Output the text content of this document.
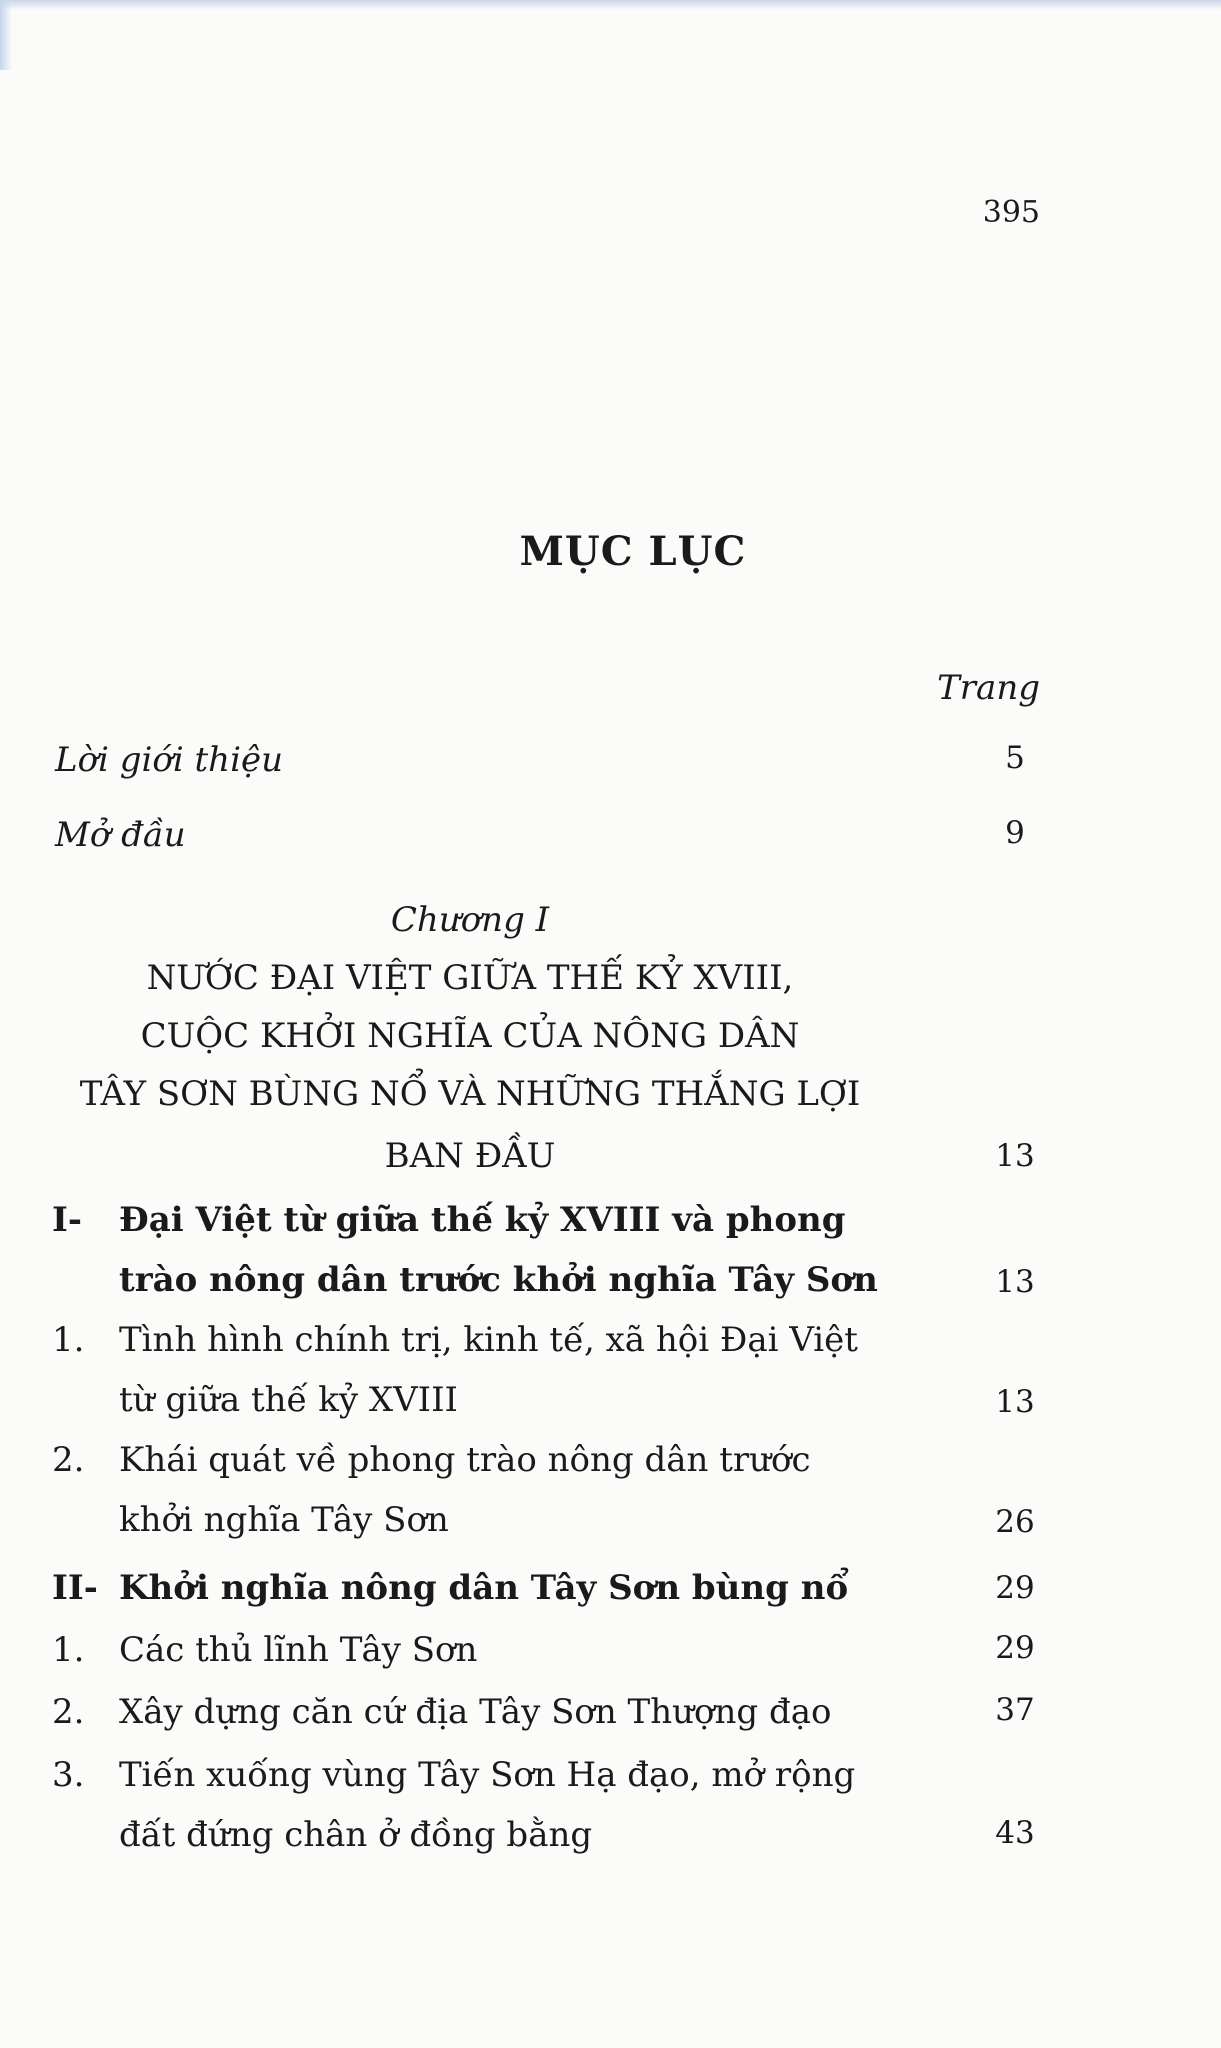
395
MỤC LỤC
Trang
Lời giới thiệu	5
Mở đầu	9
Chương I
NƯỚC ĐẠI VIỆT GIỮA THẾ KỶ XVIII,
CUỘC KHỞI NGHĨA CỦA NÔNG DÂN
TÂY SƠN BÙNG NỔ VÀ NHỮNG THẮNG LỢI
BAN ĐẦU	13
I-	Đại Việt từ giữa thế kỷ XVIII và phong
trào nông dân trước khởi nghĩa Tây Sơn	13
1.	Tình hình chính trị, kinh tế, xã hội Đại Việt
từ giữa thế kỷ XVIII	13
2.	Khái quát về phong trào nông dân trước
khởi nghĩa Tây Sơn	26
II- Khởi nghĩa nông dân Tây Sơn bùng nổ	29
1.	Các thủ lĩnh Tây Sơn	29
2.	Xây dựng căn cứ địa Tây Sơn Thượng đạo	37
3.	Tiến xuống vùng Tây Sơn Hạ đạo, mở rộng
đất đứng chân ở đồng bằng	43
